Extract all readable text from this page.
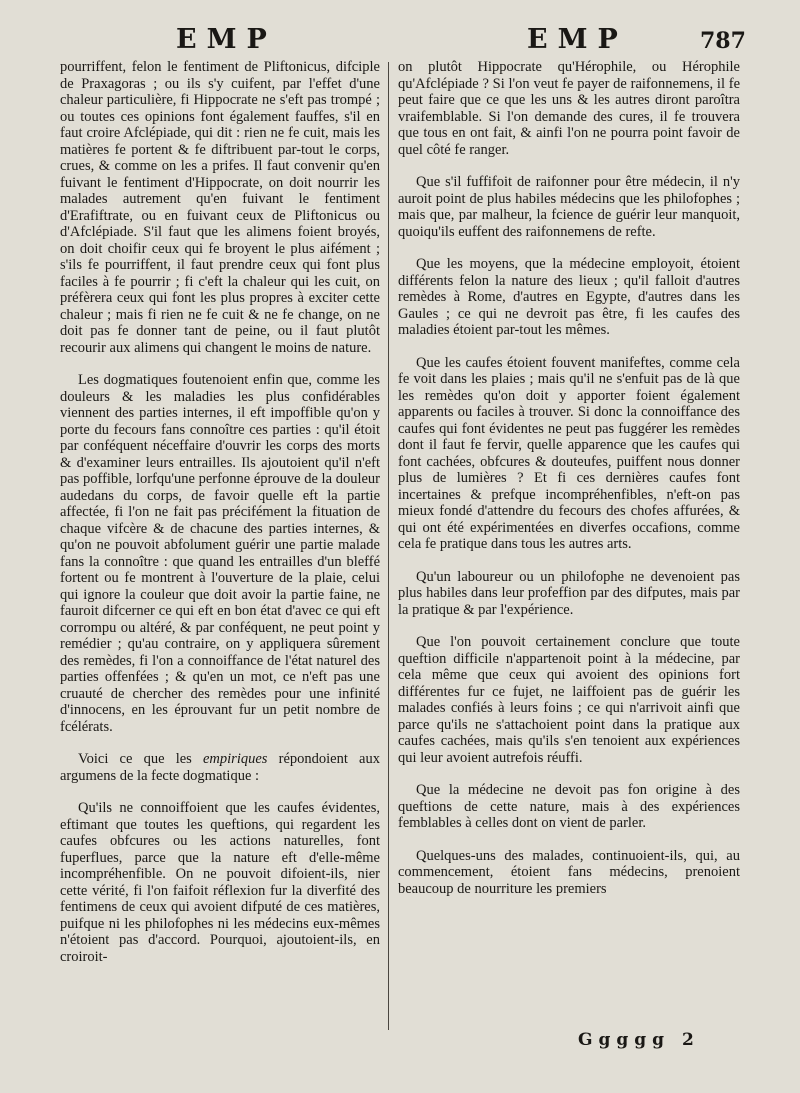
EMP	EMP	787

pourriffent, felon le fentiment de Pliftonicus, difciple de Praxagoras ; ou ils s'y cuifent, par l'effet d'une chaleur particulière, fi Hippocrate ne s'eft pas trompé ; ou toutes ces opinions font également fauffes, s'il en faut croire Afclépiade, qui dit : rien ne fe cuit, mais les matières fe portent & fe diftribuent par-tout le corps, crues, & comme on les a prifes. Il faut convenir qu'en fuivant le fentiment d'Hippocrate, on doit nourrir les malades autrement qu'en fuivant le fentiment d'Erafiftrate, ou en fuivant ceux de Pliftonicus ou d'Afclépiade. S'il faut que les alimens foient broyés, on doit choifir ceux qui fe broyent le plus aifément ; s'ils fe pourriffent, il faut prendre ceux qui font plus faciles à fe pourrir ; fi c'eft la chaleur qui les cuit, on préfèrera ceux qui font les plus propres à exciter cette chaleur ; mais fi rien ne fe cuit & ne fe change, on ne doit pas fe donner tant de peine, ou il faut plutôt recourir aux alimens qui changent le moins de nature.

Les dogmatiques foutenoient enfin que, comme les douleurs & les maladies les plus confidérables viennent des parties internes, il eft impoffible qu'on y porte du fecours fans connoître ces parties : qu'il étoit par conféquent néceffaire d'ouvrir les corps des morts & d'examiner leurs entrailles. Ils ajoutoient qu'il n'eft pas poffible, lorfqu'une perfonne éprouve de la douleur audedans du corps, de favoir quelle eft la partie affectée, fi l'on ne fait pas précifément la fituation de chaque vifcère & de chacune des parties internes, & qu'on ne pouvoit abfolument guérir une partie malade fans la connoître : que quand les entrailles d'un bleffé fortent ou fe montrent à l'ouverture de la plaie, celui qui ignore la couleur que doit avoir la partie faine, ne fauroit difcerner ce qui eft en bon état d'avec ce qui eft corrompu ou altéré, & par conféquent, ne peut point y remédier ; qu'au contraire, on y appliquera sûrement des remèdes, fi l'on a connoiffance de l'état naturel des parties offenfées ; & qu'en un mot, ce n'eft pas une cruauté de chercher des remèdes pour une infinité d'innocens, en les éprouvant fur un petit nombre de fcélérats.

Voici ce que les empiriques répondoient aux argumens de la fecte dogmatique :

Qu'ils ne connoiffoient que les caufes évidentes, eftimant que toutes les queftions, qui regardent les caufes obfcures ou les actions naturelles, font fuperflues, parce que la nature eft d'elle-même incompréhenfible. On ne pouvoit difoient-ils, nier cette vérité, fi l'on faifoit réflexion fur la diverfité des fentimens de ceux qui avoient difputé de ces matières, puifque ni les philofophes ni les médecins eux-mêmes n'étoient pas d'accord. Pourquoi, ajoutoient-ils, en croiroit-

on plutôt Hippocrate qu'Hérophile, ou Hérophile qu'Afclépiade ? Si l'on veut fe payer de raifonnemens, il fe peut faire que ce que les uns & les autres diront paroîtra vraifemblable. Si l'on demande des cures, il fe trouvera que tous en ont fait, & ainfi l'on ne pourra point favoir de quel côté fe ranger.

Que s'il fuffifoit de raifonner pour être médecin, il n'y auroit point de plus habiles médecins que les philofophes ; mais que, par malheur, la fcience de guérir leur manquoit, quoiqu'ils euffent des raifonnemens de refte.

Que les moyens, que la médecine employoit, étoient différents felon la nature des lieux ; qu'il falloit d'autres remèdes à Rome, d'autres en Egypte, d'autres dans les Gaules ; ce qui ne devroit pas être, fi les caufes des maladies étoient par-tout les mêmes.

Que les caufes étoient fouvent manifeftes, comme cela fe voit dans les plaies ; mais qu'il ne s'enfuit pas de là que les remèdes qu'on doit y apporter foient également apparents ou faciles à trouver. Si donc la connoiffance des caufes qui font évidentes ne peut pas fuggérer les remèdes dont il faut fe fervir, quelle apparence que les caufes qui font cachées, obfcures & douteufes, puiffent nous donner plus de lumières ? Et fi ces dernières caufes font incertaines & prefque incompréhenfibles, n'eft-on pas mieux fondé d'attendre du fecours des chofes affurées, & qui ont été expérimentées en diverfes occafions, comme cela fe pratique dans tous les autres arts.

Qu'un laboureur ou un philofophe ne devenoient pas plus habiles dans leur profeffion par des difputes, mais par la pratique & par l'expérience.

Que l'on pouvoit certainement conclure que toute queftion difficile n'appartenoit point à la médecine, par cela même que ceux qui avoient des opinions fort différentes fur ce fujet, ne laiffoient pas de guérir les malades confiés à leurs foins ; ce qui n'arrivoit ainfi que parce qu'ils ne s'attachoient point dans la pratique aux caufes cachées, mais qu'ils s'en tenoient aux expériences qui leur avoient autrefois réuffi.

Que la médecine ne devoit pas fon origine à des queftions de cette nature, mais à des expériences femblables à celles dont on vient de parler.

Quelques-uns des malades, continuoient-ils, qui, au commencement, étoient fans médecins, prenoient beaucoup de nourriture les premiers

Ggggg 2
